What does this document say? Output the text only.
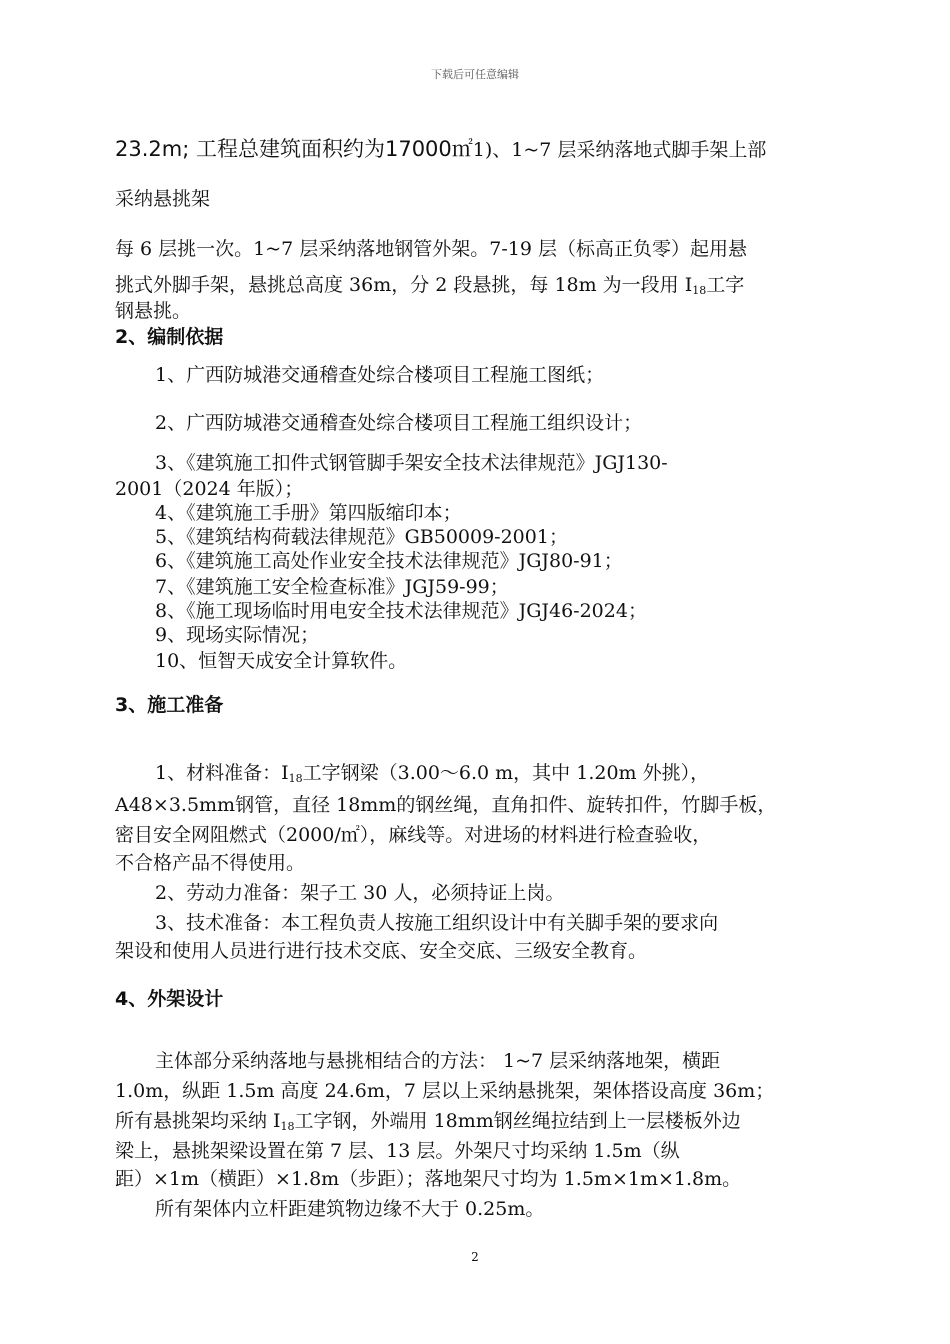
下载后可任意编辑
23.2m; 工程总建筑面积约为17000㎡1)、1~7 层采纳落地式脚手架上部
采纳悬挑架
每 6 层挑一次。1~7 层采纳落地钢管外架。7-19 层（标高正负零）起用悬
挑式外脚手架，悬挑总高度 36m，分 2 段悬挑，每 18m 为一段用 $I_{18}$工字
钢悬挑。
2、编制依据
1、广西防城港交通稽查处综合楼项目工程施工图纸；
2、广西防城港交通稽查处综合楼项目工程施工组织设计；
3、《建筑施工扣件式钢管脚手架安全技术法律规范》JGJ130-
2001（2024 年版）；
4、《建筑施工手册》第四版缩印本；
5、《建筑结构荷载法律规范》GB50009-2001；
6、《建筑施工高处作业安全技术法律规范》JGJ80-91；
7、《建筑施工安全检查标准》JGJ59-99；
8、《施工现场临时用电安全技术法律规范》JGJ46-2024；
9、现场实际情况；
10、恒智天成安全计算软件。
3、施工准备
1、材料准备：$I_{18}$工字钢梁（3.00～6.0 m，其中 1.20m 外挑），
A48×3.5mm钢管，直径 18mm的钢丝绳，直角扣件、旋转扣件，竹脚手板，
密目安全网阻燃式（2000/㎡），麻线等。对进场的材料进行检查验收，
不合格产品不得使用。
2、劳动力准备：架子工 30 人，必须持证上岗。
3、技术准备：本工程负责人按施工组织设计中有关脚手架的要求向
架设和使用人员进行进行技术交底、安全交底、三级安全教育。
4、外架设计
主体部分采纳落地与悬挑相结合的方法： 1~7 层采纳落地架，横距
1.0m，纵距 1.5m 高度 24.6m，7 层以上采纳悬挑架，架体搭设高度 36m；
所有悬挑架均采纳 $I_{18}$工字钢，外端用 18mm钢丝绳拉结到上一层楼板外边
梁上，悬挑架梁设置在第 7 层、13 层。外架尺寸均采纳 1.5m（纵
距）×1m（横距）×1.8m（步距）；落地架尺寸均为 1.5m×1m×1.8m。
所有架体内立杆距建筑物边缘不大于 0.25m。
2
